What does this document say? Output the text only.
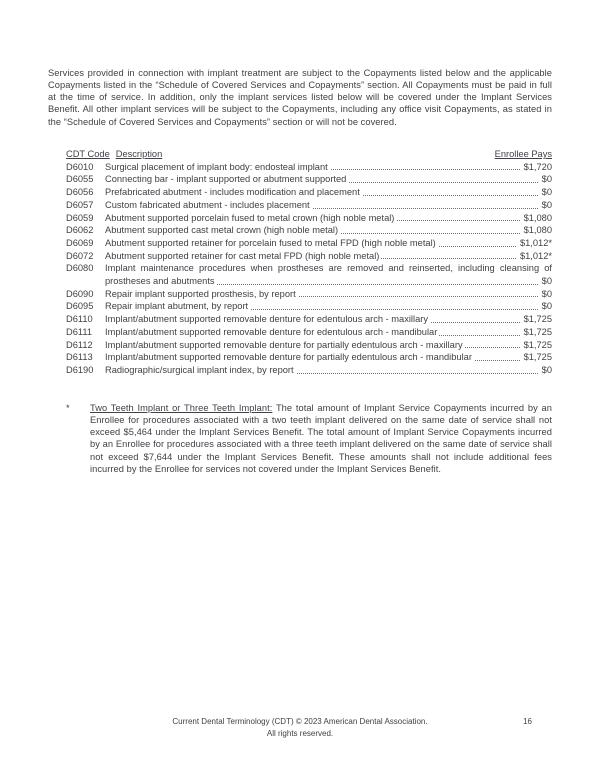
Services provided in connection with implant treatment are subject to the Copayments listed below and the applicable Copayments listed in the “Schedule of Covered Services and Copayments” section. All Copayments must be paid in full at the time of service. In addition, only the implant services listed below will be covered under the Implant Services Benefit. All other implant services will be subject to the Copayments, including any office visit Copayments, as stated in the “Schedule of Covered Services and Copayments” section or will not be covered.

CDT Code Description	Enrollee Pays
D6010 Surgical placement of implant body: endosteal implant	$1,720
D6055 Connecting bar - implant supported or abutment supported	$0
D6056 Prefabricated abutment - includes modification and placement	$0
D6057 Custom fabricated abutment - includes placement	$0
D6059 Abutment supported porcelain fused to metal crown (high noble metal)	$1,080
D6062 Abutment supported cast metal crown (high noble metal)	$1,080
D6069 Abutment supported retainer for porcelain fused to metal FPD (high noble metal)	$1,012*
D6072 Abutment supported retainer for cast metal FPD (high noble metal)	$1,012*
D6080 Implant maintenance procedures when prostheses are removed and reinserted, including cleansing of prostheses and abutments	$0
D6090 Repair implant supported prosthesis, by report	$0
D6095 Repair implant abutment, by report	$0
D6110 Implant/abutment supported removable denture for edentulous arch - maxillary	$1,725
D6111 Implant/abutment supported removable denture for edentulous arch - mandibular	$1,725
D6112 Implant/abutment supported removable denture for partially edentulous arch - maxillary	$1,725
D6113 Implant/abutment supported removable denture for partially edentulous arch - mandibular	$1,725
D6190 Radiographic/surgical implant index, by report	$0
*	Two Teeth Implant or Three Teeth Implant: The total amount of Implant Service Copayments incurred by an Enrollee for procedures associated with a two teeth implant delivered on the same date of service shall not exceed $5,464 under the Implant Services Benefit. The total amount of Implant Service Copayments incurred by an Enrollee for procedures associated with a three teeth implant delivered on the same date of service shall not exceed $7,644 under the Implant Services Benefit. These amounts shall not include additional fees incurred by the Enrollee for services not covered under the Implant Services Benefit.

Current Dental Terminology (CDT) © 2023 American Dental Association.
All rights reserved.
16
